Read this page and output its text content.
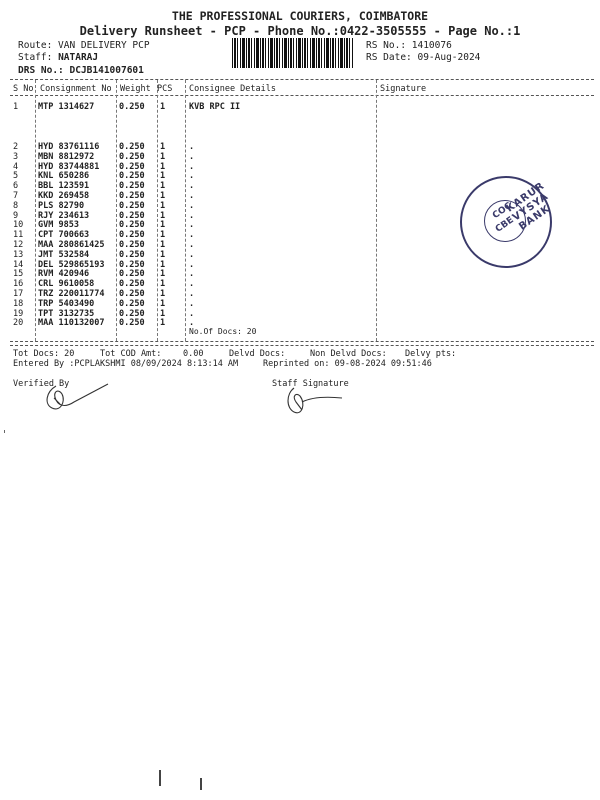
THE PROFESSIONAL COURIERS, COIMBATORE
Delivery Runsheet - PCP - Phone No.:0422-3505555 - Page No.:1
Route: VAN DELIVERY PCP
Staff: NATARAJ
DRS No.: DCJB141007601
RS No.: 1410076
RS Date: 09-Aug-2024
S No Consignment No Weight PCS Consignee Details	Signature
1 MTP 1314627	0.250 1	KVB RPC II
2 HYD 83761116 0.250 1	.
3 MBN 8812972	0.250 1	.
4 HYD 83744881 0.250 1	.
5 KNL 650286	0.250 1	.
6 BBL 123591	0.250 1	.
7 KKD 269458	0.250 1	.
8 PLS 82790	0.250 1	.
9 RJY 234613	0.250 1	.
10 GVM 9853	0.250 1	.
11 CPT 700663	0.250 1	.
12 MAA 280861425 0.250 1	.
13 JMT 532584	0.250 1	.
14 DEL 529865193 0.250 1	.
15 RVM 420946	0.250 1	.
16 CRL 9610058	0.250 1	.
17 TRZ 220011774 0.250 1	.
18 TRP 5403490	0.250 1	.
19 TPT 3132735	0.250 1	.
20 MAA 110132007 0.250 1	.
No.Of Docs: 20
KARUR VYSYA BANK
COC
CBE
Tot Docs: 20	Tot COD Amt:	0.00	Delvd Docs:	Non Delvd Docs: Delvy pts:
Entered By :PCPLAKSHMI 08/09/2024 8:13:14 AM	Reprinted on: 09-08-2024 09:51:46
Verified By	Staff Signature
